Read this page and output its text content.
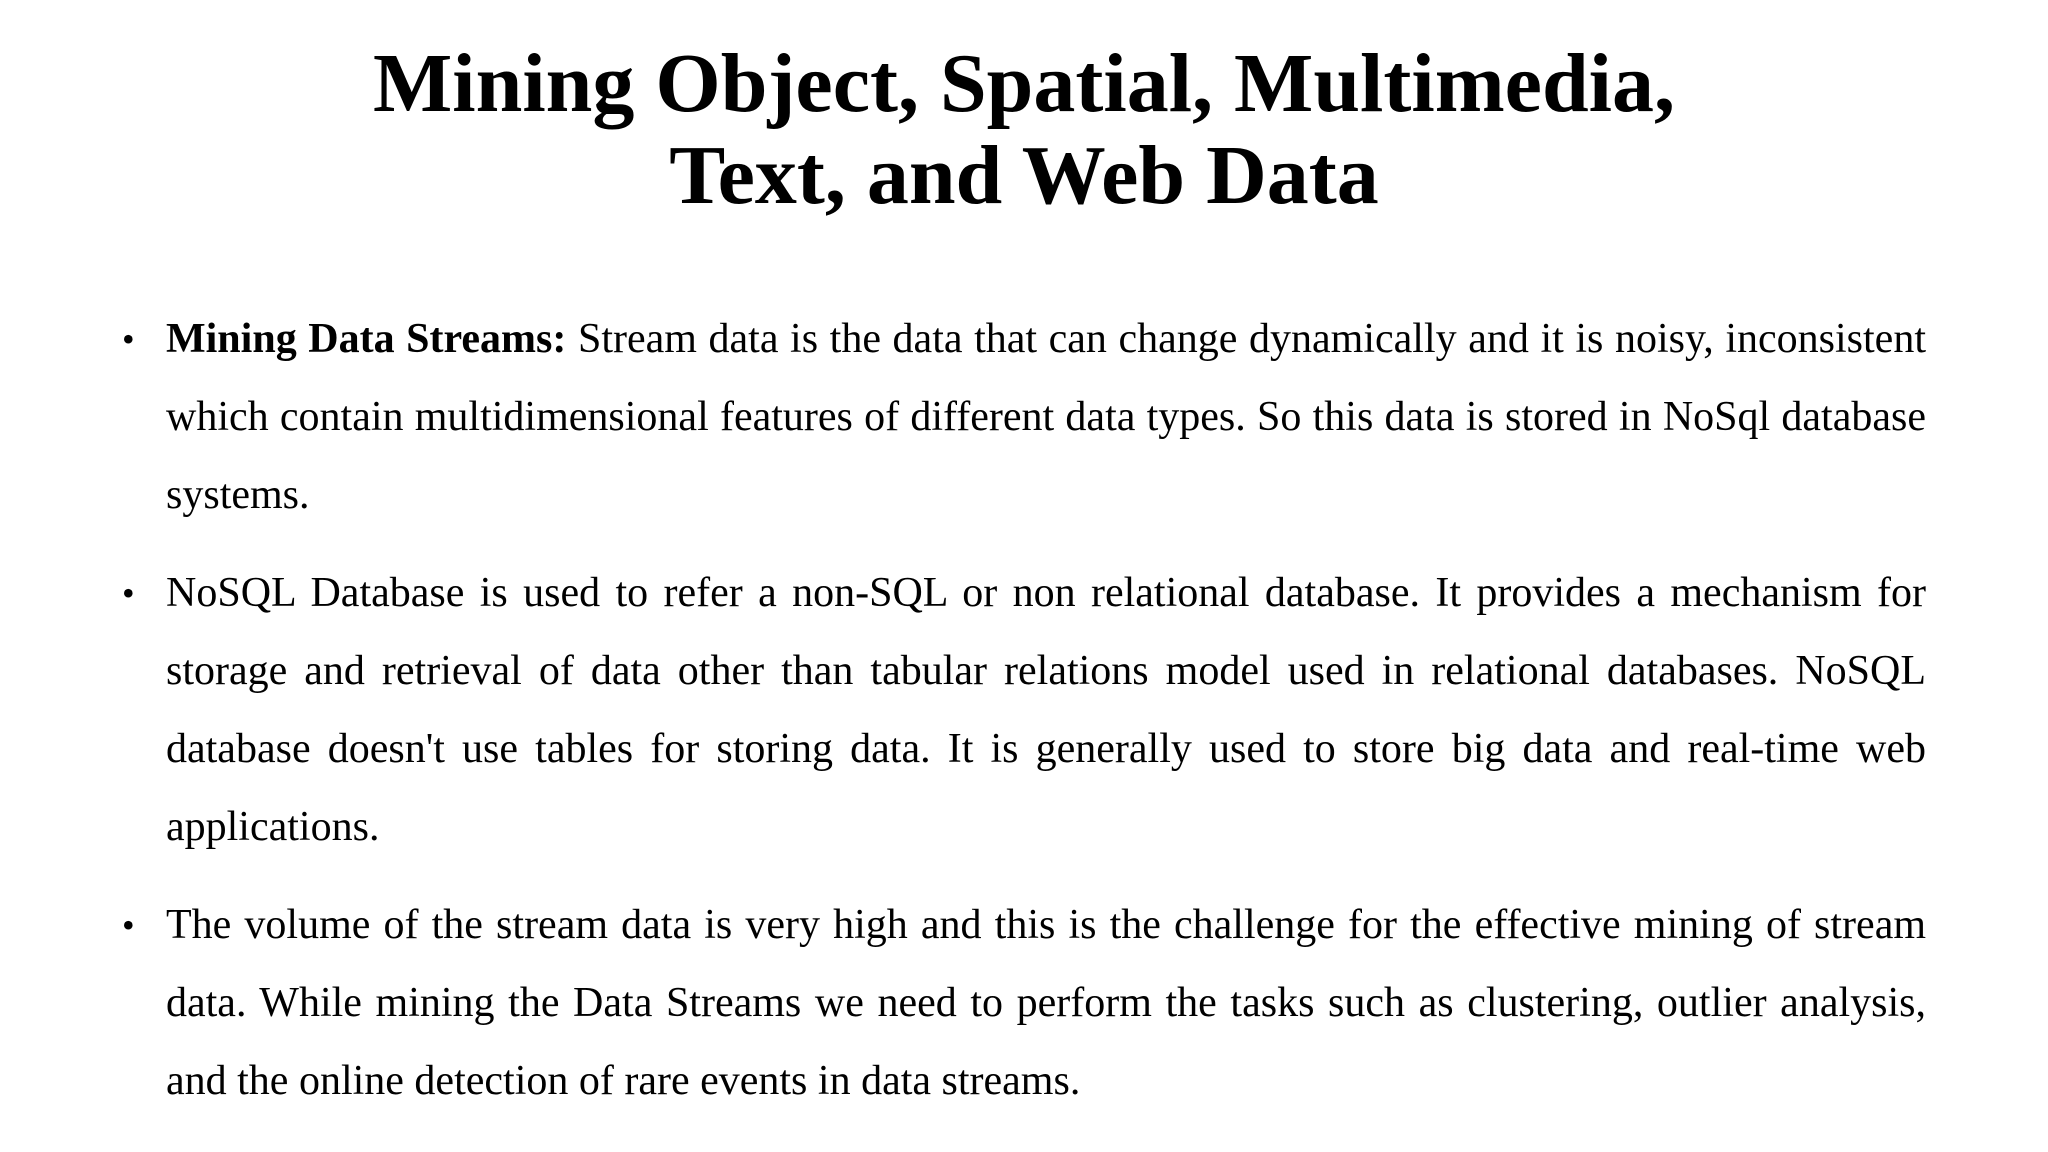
Mining Object, Spatial, Multimedia,
Text, and Web Data
• Mining Data Streams: Stream data is the data that can change dynamically and it is noisy, inconsistent which contain multidimensional features of different data types. So this data is stored in NoSql database systems.
• NoSQL Database is used to refer a non-SQL or non relational database. It provides a mechanism for storage and retrieval of data other than tabular relations model used in relational databases. NoSQL database doesn't use tables for storing data. It is generally used to store big data and real-time web applications.
• The volume of the stream data is very high and this is the challenge for the effective mining of stream data. While mining the Data Streams we need to perform the tasks such as clustering, outlier analysis, and the online detection of rare events in data streams.
